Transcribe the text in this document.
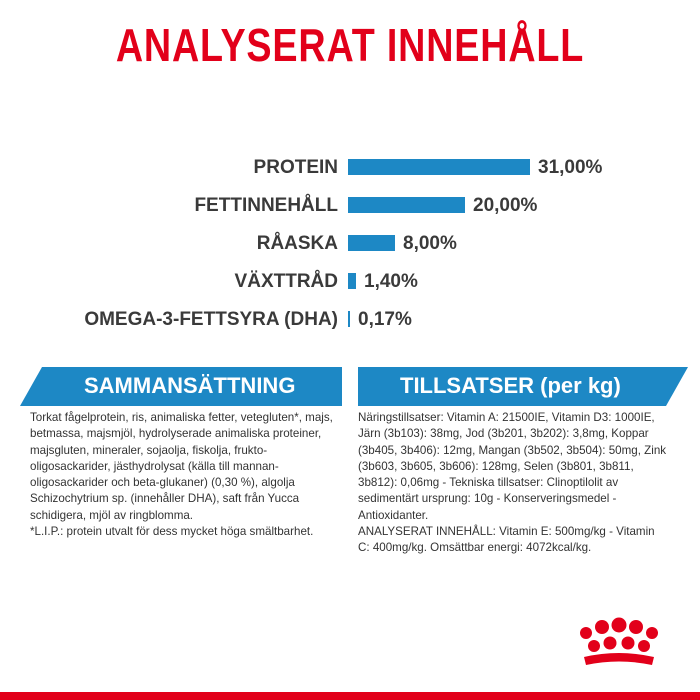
ANALYSERAT INNEHÅLL
PROTEIN	31,00%
FETTINNEHÅLL	20,00%
RÅASKA	8,00%
VÄXTTRÅD 1,40%
OMEGA-3-FETTSYRA (DHA) 0,17%
SAMMANSÄTTNING	TILLSATSER (per kg)
Torkat fågelprotein, ris, animaliska fetter, vetegluten*, majs, betmassa, majsmjöl, hydrolyserade animaliska proteiner, majsgluten, mineraler, sojaolja, fiskolja, frukto-oligosackarider, jästhydrolysat (källa till mannan-oligosackarider och beta-glukaner) (0,30 %), algolja Schizochytrium sp. (innehåller DHA), saft från Yucca schidigera, mjöl av ringblomma.
*L.I.P.: protein utvalt för dess mycket höga smältbarhet.
Näringstillsatser: Vitamin A: 21500IE, Vitamin D3: 1000IE, Järn (3b103): 38mg, Jod (3b201, 3b202): 3,8mg, Koppar (3b405, 3b406): 12mg, Mangan (3b502, 3b504): 50mg, Zink (3b603, 3b605, 3b606): 128mg, Selen (3b801, 3b811, 3b812): 0,06mg - Tekniska tillsatser: Clinoptilolit av sedimentärt ursprung: 10g - Konserveringsmedel - Antioxidanter.
ANALYSERAT INNEHÅLL: Vitamin E: 500mg/kg - Vitamin C: 400mg/kg. Omsättbar energi: 4072kcal/kg.
